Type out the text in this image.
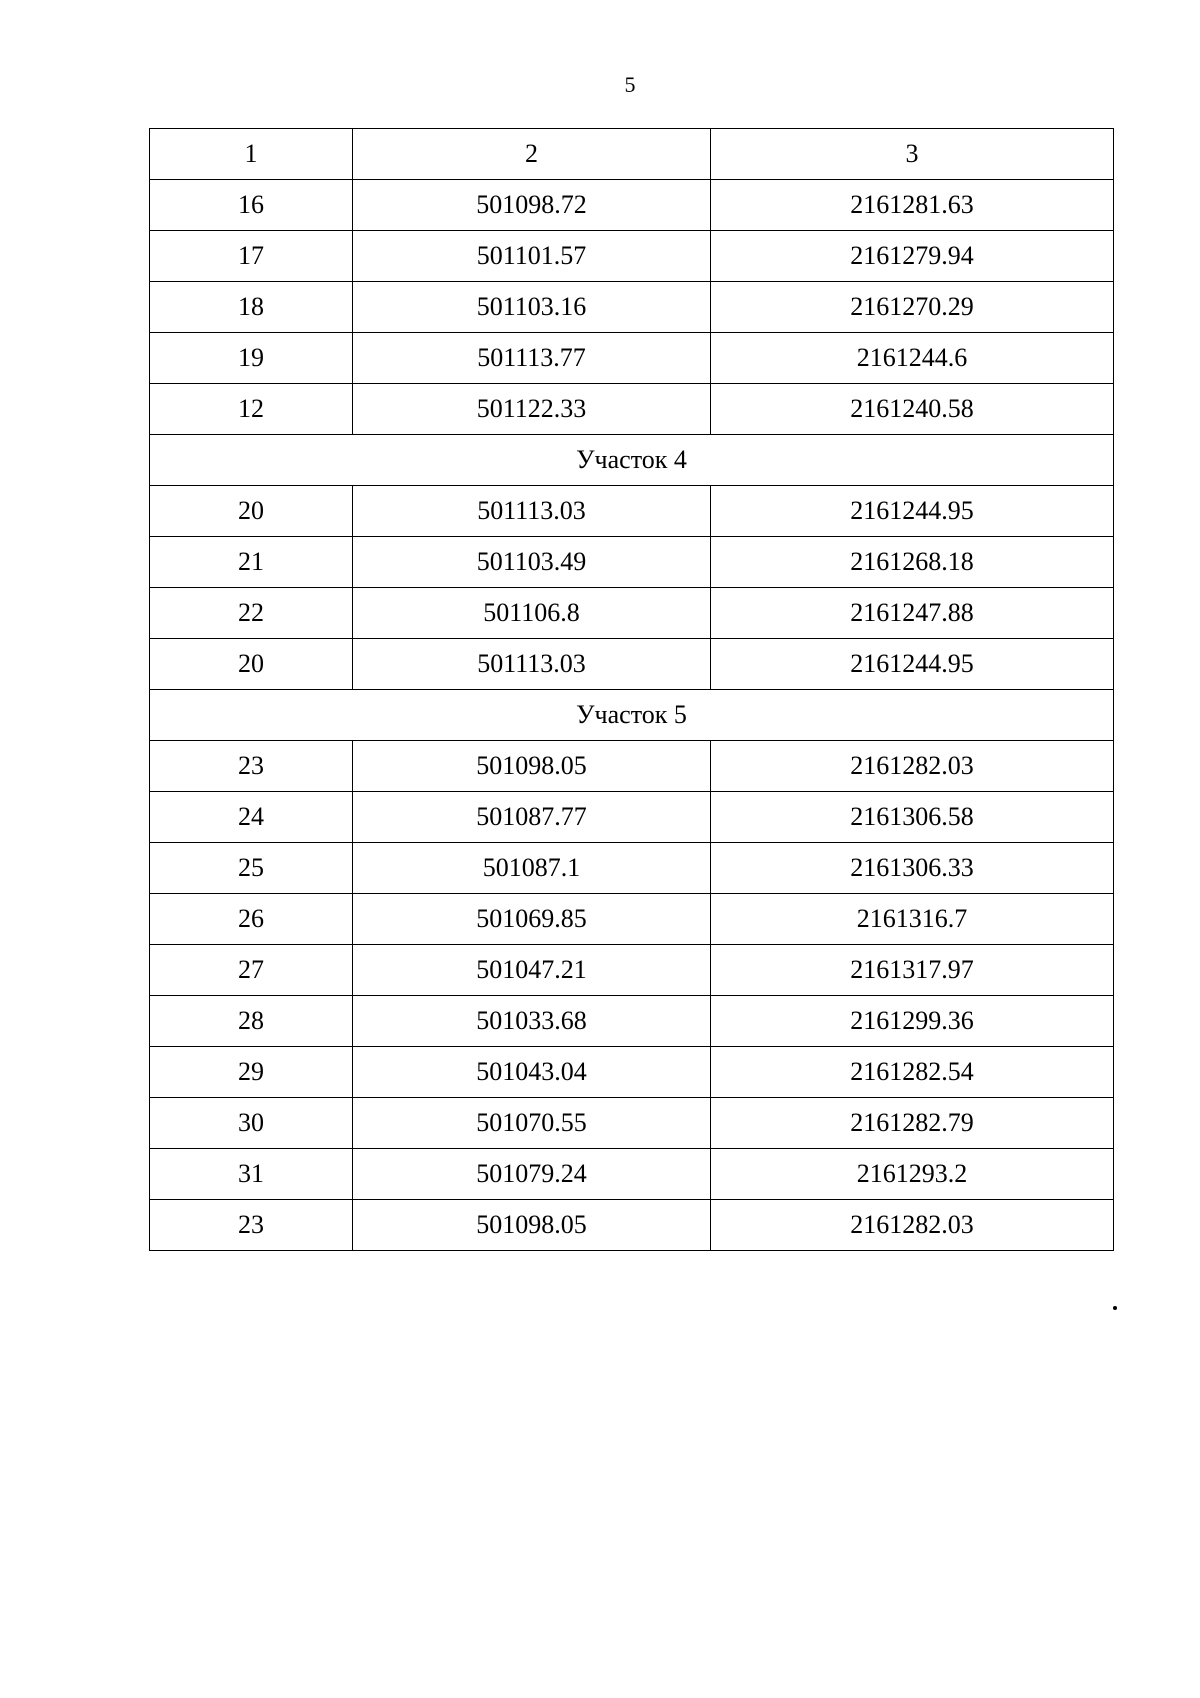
5
1	2	3
16	501098.72	2161281.63
17	501101.57	2161279.94
18	501103.16	2161270.29
19	501113.77	2161244.6
12	501122.33	2161240.58
Участок 4		
20	501113.03	2161244.95
21	501103.49	2161268.18
22	501106.8	2161247.88
20	501113.03	2161244.95
Участок 5		
23	501098.05	2161282.03
24	501087.77	2161306.58
25	501087.1	2161306.33
26	501069.85	2161316.7
27	501047.21	2161317.97
28	501033.68	2161299.36
29	501043.04	2161282.54
30	501070.55	2161282.79
31	501079.24	2161293.2
23	501098.05	2161282.03
